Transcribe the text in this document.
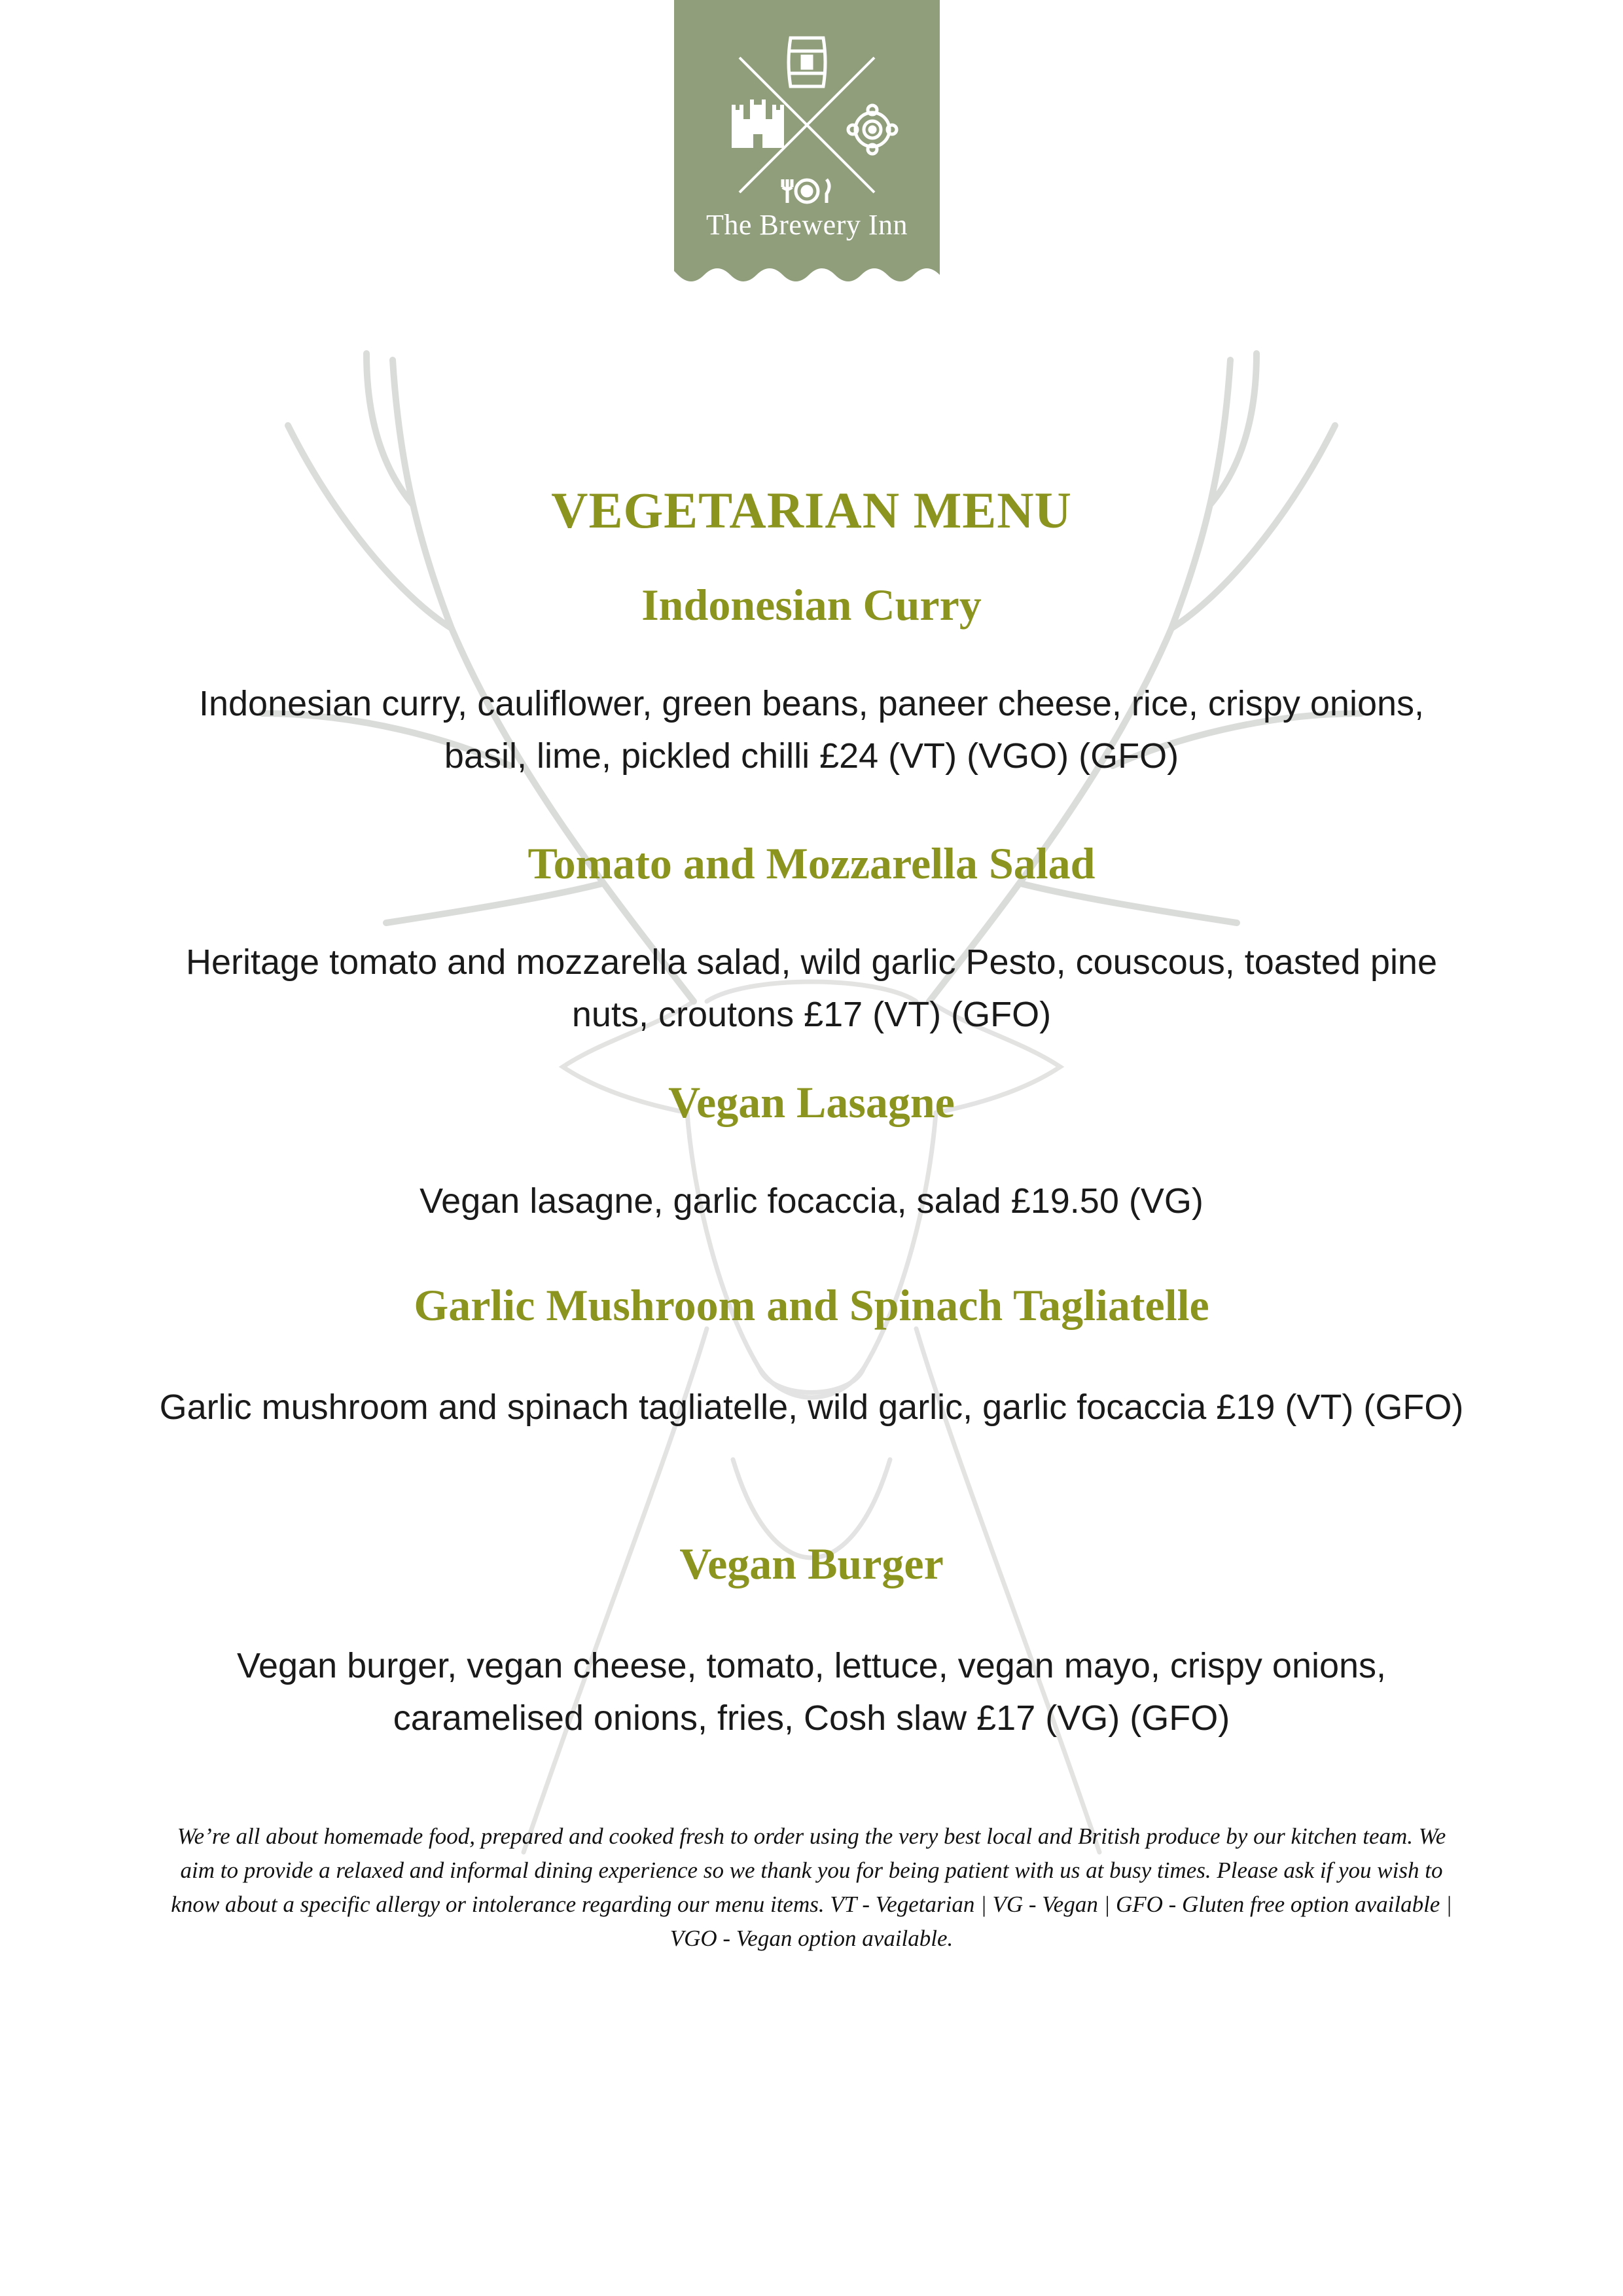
The Brewery Inn
VEGETARIAN MENU
Indonesian Curry
Indonesian curry, cauliflower, green beans, paneer cheese, rice, crispy onions, basil, lime, pickled chilli £24 (VT) (VGO) (GFO)
Tomato and Mozzarella Salad
Heritage tomato and mozzarella salad, wild garlic Pesto, couscous, toasted pine nuts, croutons £17 (VT) (GFO)
Vegan Lasagne
Vegan lasagne, garlic focaccia, salad £19.50 (VG)
Garlic Mushroom and Spinach Tagliatelle
Garlic mushroom and spinach tagliatelle, wild garlic, garlic focaccia £19 (VT) (GFO)
Vegan Burger
Vegan burger, vegan cheese, tomato, lettuce, vegan mayo, crispy onions, caramelised onions, fries, Cosh slaw £17 (VG) (GFO)
We’re all about homemade food, prepared and cooked fresh to order using the very best local and British produce by our kitchen team. We aim to provide a relaxed and informal dining experience so we thank you for being patient with us at busy times. Please ask if you wish to know about a specific allergy or intolerance regarding our menu items. VT - Vegetarian | VG - Vegan | GFO - Gluten free option available | VGO - Vegan option available.
